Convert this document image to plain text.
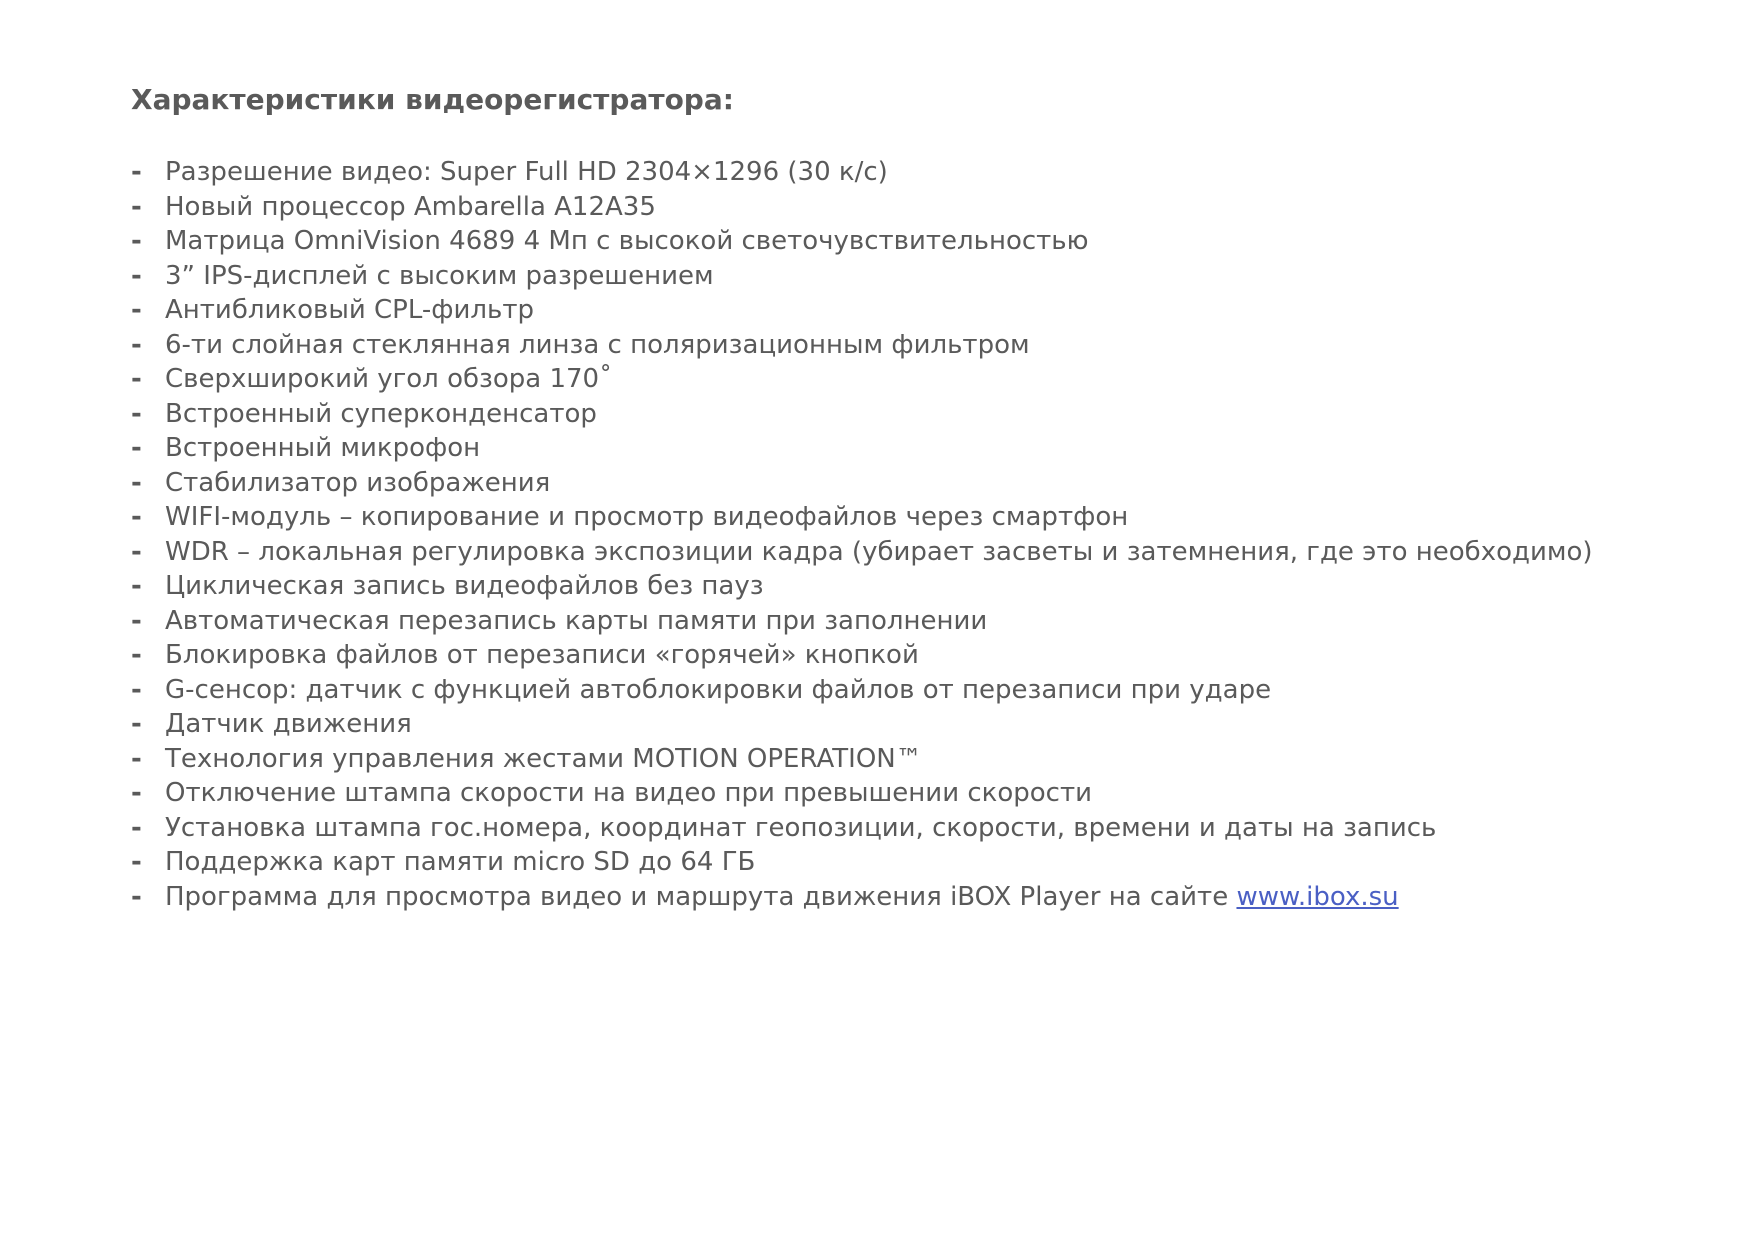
Характеристики видеорегистратора:
- Разрешение видео: Super Full HD 2304×1296 (30 к/с)
- Новый процессор Ambarella A12A35
- Матрица OmniVision 4689 4 Мп с высокой светочувствительностью
- 3” IPS-дисплей с высоким разрешением
- Антибликовый CPL-фильтр
- 6-ти слойная стеклянная линза с поляризационным фильтром
- Сверхширокий угол обзора 170˚
- Встроенный суперконденсатор
- Встроенный микрофон
- Стабилизатор изображения
- WIFI-модуль – копирование и просмотр видеофайлов через смартфон
- WDR – локальная регулировка экспозиции кадра (убирает засветы и затемнения, где это необходимо)
- Циклическая запись видеофайлов без пауз
- Автоматическая перезапись карты памяти при заполнении
- Блокировка файлов от перезаписи «горячей» кнопкой
- G-сенсор: датчик с функцией автоблокировки файлов от перезаписи при ударе
- Датчик движения
- Технология управления жестами MOTION OPERATION™
- Отключение штампа скорости на видео при превышении скорости
- Установка штампа гос.номера, координат геопозиции, скорости, времени и даты на запись
- Поддержка карт памяти micro SD до 64 ГБ
- Программа для просмотра видео и маршрута движения iBOX Player на сайте www.ibox.su
